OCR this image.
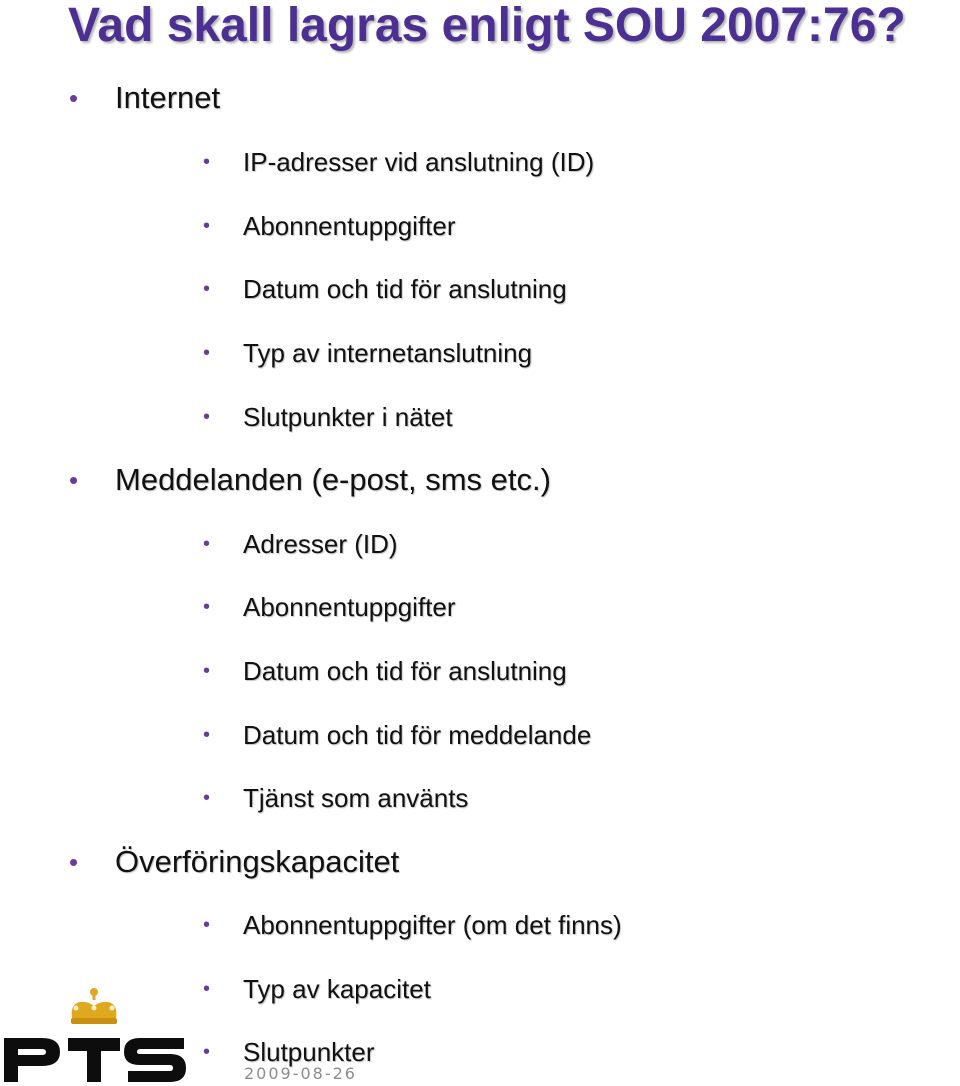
Vad skall lagras enligt SOU 2007:76?
• Internet
• IP-adresser vid anslutning (ID)
• Abonnentuppgifter
• Datum och tid för anslutning
• Typ av internetanslutning
• Slutpunkter i nätet
• Meddelanden (e-post, sms etc.)
• Adresser (ID)
• Abonnentuppgifter
• Datum och tid för anslutning
• Datum och tid för meddelande
• Tjänst som använts
• Överföringskapacitet
• Abonnentuppgifter (om det finns)
• Typ av kapacitet
• Slutpunkter
2009-08-26
